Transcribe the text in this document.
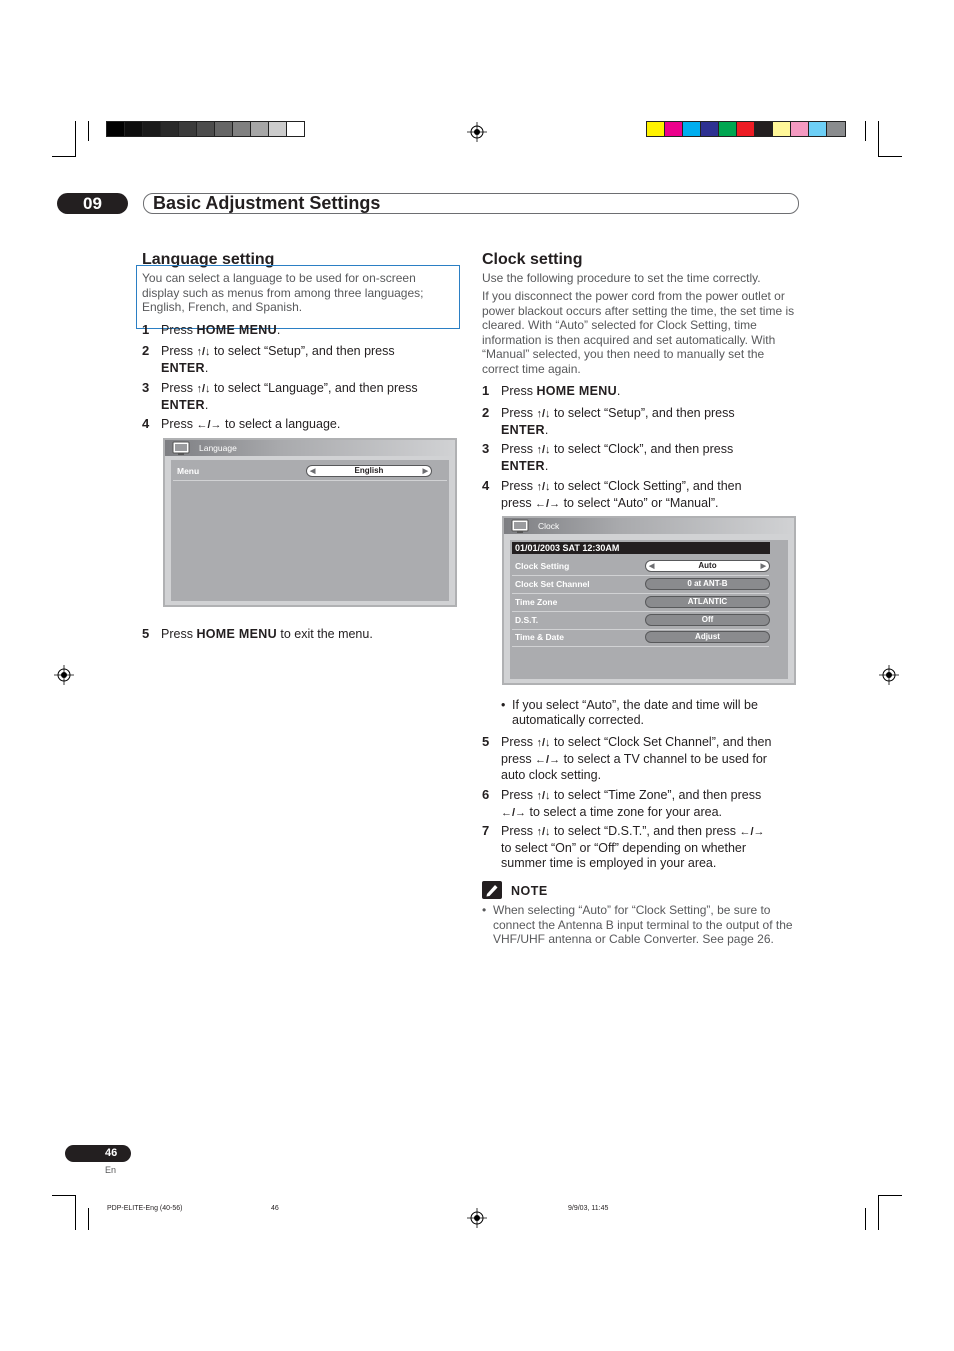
09	Basic Adjustment Settings
Language setting

You can select a language to be used for on-screen display such as menus from among three languages; English, French, and Spanish.

1 Press HOME MENU.
2 Press ↑/↓ to select “Setup”, and then press
ENTER.
3 Press ↑/↓ to select “Language”, and then press
ENTER.
4 Press ←/→ to select a language.
Language
Menu	◀	English	▶
5 Press HOME MENU to exit the menu.
Clock setting

Use the following procedure to set the time correctly.

If you disconnect the power cord from the power outlet or power blackout occurs after setting the time, the set time is cleared. With “Auto” selected for Clock Setting, time information is then acquired and set automatically. With “Manual” selected, you then need to manually set the correct time again.

1 Press HOME MENU.
2 Press ↑/↓ to select “Setup”, and then press
ENTER.
3 Press ↑/↓ to select “Clock”, and then press
ENTER.
4 Press ↑/↓ to select “Clock Setting”, and then
press ←/→ to select “Auto” or “Manual”.
Clock
01/01/2003 SAT 12:30AM
Clock Setting	◀	Auto	▶
Clock Set Channel	0 at ANT-B
Time Zone	ATLANTIC
D.S.T.	Off
Time & Date	Adjust
• If you select “Auto”, the date and time will be automatically corrected.
5 Press ↑/↓ to select “Clock Set Channel”, and then
press ←/→ to select a TV channel to be used for
auto clock setting.
6 Press ↑/↓ to select “Time Zone”, and then press
←/→ to select a time zone for your area.
7 Press ↑/↓ to select “D.S.T.”, and then press ←/→
to select “On” or “Off” depending on whether
summer time is employed in your area.
NOTE
• When selecting “Auto” for “Clock Setting”, be sure to connect the Antenna B input terminal to the output of the VHF/UHF antenna or Cable Converter. See page 26.
46
En
PDP-ELITE-Eng (40-56)	46	9/9/03, 11:45
